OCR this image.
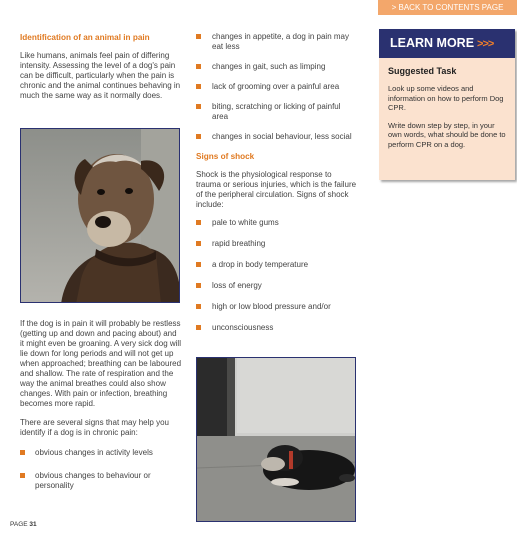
> BACK TO CONTENTS PAGE
Identification of an animal in pain

Like humans, animals feel pain of differing intensity. Assessing the level of a dog's pain can be difficult, particularly when the pain is chronic and the animal continues behaving in much the same way as it normally does.

If the dog is in pain it will probably be restless (getting up and down and pacing about) and it might even be groaning. A very sick dog will lie down for long periods and will not get up when approached; breathing can be laboured and shallow. The rate of respiration and the way the animal breathes could also show changes. With pain or infection, breathing becomes more rapid.

There are several signs that may help you identify if a dog is in chronic pain:

obvious changes in activity levels
obvious changes to behaviour or personality
changes in appetite, a dog in pain may eat less
changes in gait, such as limping
lack of grooming over a painful area
biting, scratching or licking of painful area
changes in social behaviour, less social
Signs of shock

Shock is the physiological response to trauma or serious injuries, which is the failure of the peripheral circulation. Signs of shock include:

pale to white gums
rapid breathing
a drop in body temperature
loss of energy
high or low blood pressure and/or
unconsciousness
LEARN MORE >>>
Suggested Task

Look up some videos and information on how to perform Dog CPR.

Write down step by step, in your own words, what should be done to perform CPR on a dog.

PAGE 31
